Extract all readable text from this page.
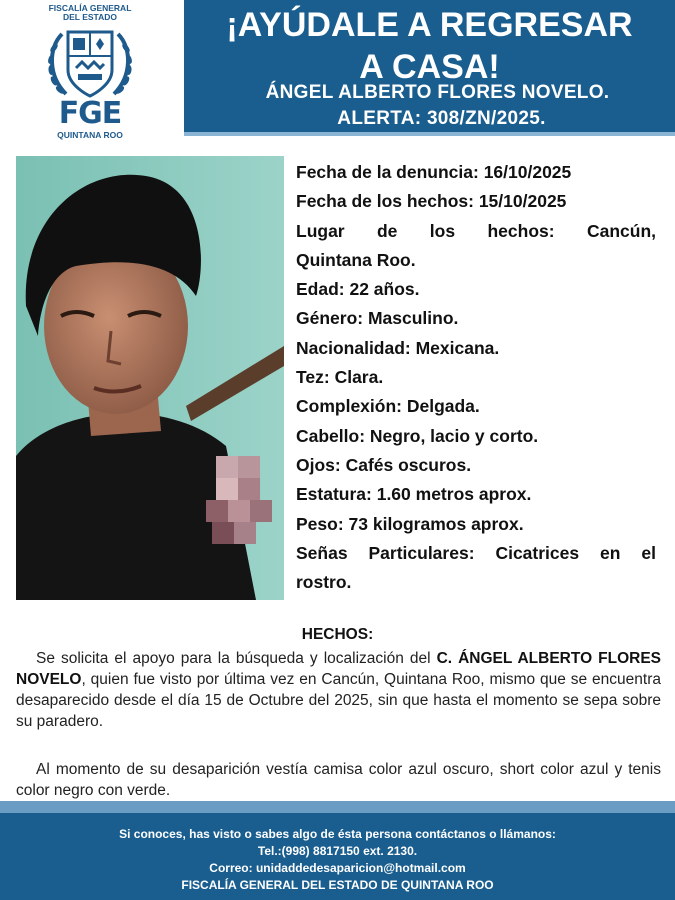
FISCALÍA GENERAL
DEL ESTADO
FGE
QUINTANA ROO
¡AYÚDALE A REGRESAR
A CASA!
ÁNGEL ALBERTO FLORES NOVELO.
ALERTA: 308/ZN/2025.
Fecha de la denuncia: 16/10/2025
Fecha de los hechos: 15/10/2025
Lugar de los hechos: Cancún,
Quintana Roo.
Edad: 22 años.
Género: Masculino.
Nacionalidad: Mexicana.
Tez: Clara.
Complexión: Delgada.
Cabello: Negro, lacio y corto.
Ojos: Cafés oscuros.
Estatura: 1.60 metros aprox.
Peso: 73 kilogramos aprox.
Señas Particulares: Cicatrices en el
rostro.
HECHOS:

Se solicita el apoyo para la búsqueda y localización del C. ÁNGEL ALBERTO FLORES NOVELO, quien fue visto por última vez en Cancún, Quintana Roo, mismo que se encuentra desaparecido desde el día 15 de Octubre del 2025, sin que hasta el momento se sepa sobre su paradero.

Al momento de su desaparición vestía camisa color azul oscuro, short color azul y tenis color negro con verde.

Si conoces, has visto o sabes algo de ésta persona contáctanos o llámanos:
Tel.:(998) 8817150 ext. 2130.
Correo: unidaddedesaparicion@hotmail.com
FISCALÍA GENERAL DEL ESTADO DE QUINTANA ROO
